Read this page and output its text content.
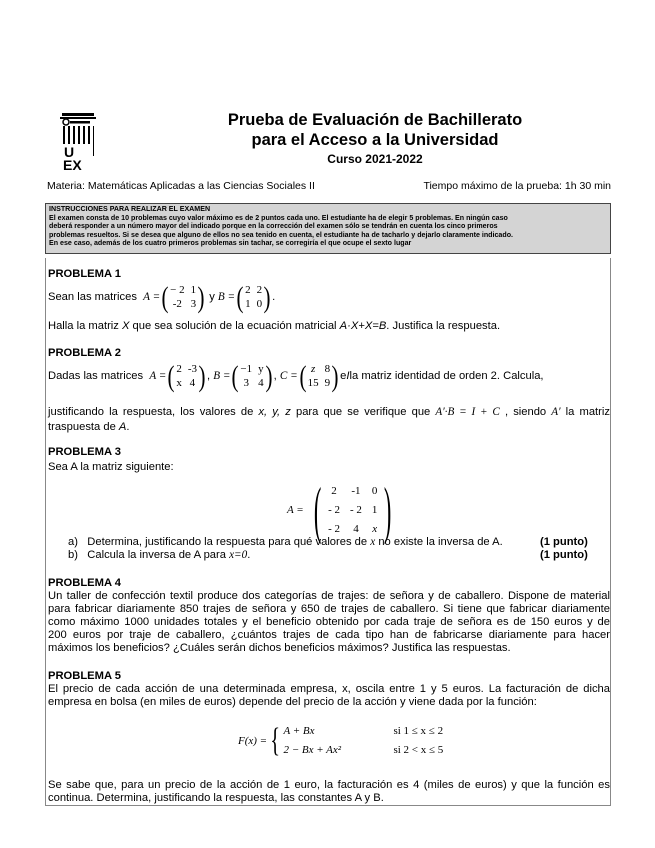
U
EX
Prueba de Evaluación de Bachillerato
para el Acceso a la Universidad
Curso 2021-2022
Materia: Matemáticas Aplicadas a las Ciencias Sociales II	Tiempo máximo de la prueba: 1h 30 min
INSTRUCCIONES PARA REALIZAR EL EXAMEN
El examen consta de 10 problemas cuyo valor máximo es de 2 puntos cada uno. El estudiante ha de elegir 5 problemas. En ningún caso
deberá responder a un número mayor del indicado porque en la corrección del examen sólo se tendrán en cuenta los cinco primeros
problemas resueltos. Si se desea que alguno de ellos no sea tenido en cuenta, el estudiante ha de tacharlo y dejarlo claramente indicado.
En ese caso, además de los cuatro primeros problemas sin tachar, se corregiría el que ocupe el sexto lugar
PROBLEMA 1
Sean las matrices
A = ( − 2 1
-2 3 )
y
B = ( 2 2
1 0 ) .
Halla la matriz X que sea solución de la ecuación matricial A·X+X=B. Justifica la respuesta.
PROBLEMA 2
Dadas las matrices
A = ( 2 -3
x 4 ) , B = ( −1 y
3 4 ) , C = ( z 8
15 9 ) e I la matriz identidad de orden 2. Calcula,
justificando la respuesta, los valores de x, y, z para que se verifique que A′·B = I + C , siendo A′ la matriz
traspuesta de A.
PROBLEMA 3
Sea A la matriz siguiente:
A =
( 2 -1 0
- 2 - 2 1
- 2 4 x )
a) Determina, justificando la respuesta para qué valores de x no existe la inversa de A.	(1 punto)
b) Calcula la inversa de A para x=0.	(1 punto)
PROBLEMA 4
Un taller de confección textil produce dos categorías de trajes: de señora y de caballero. Dispone de material
para fabricar diariamente 850 trajes de señora y 650 de trajes de caballero. Si tiene que fabricar diariamente
como máximo 1000 unidades totales y el beneficio obtenido por cada traje de señora es de 150 euros y de
200 euros por traje de caballero, ¿cuántos trajes de cada tipo han de fabricarse diariamente para hacer
máximos los beneficios? ¿Cuáles serán dichos beneficios máximos? Justifica las respuestas.
PROBLEMA 5
El precio de cada acción de una determinada empresa, x, oscila entre 1 y 5 euros. La facturación de dicha
empresa en bolsa (en miles de euros) depende del precio de la acción y viene dada por la función:
F(x) = { A + Bx	si 1 ≤ x ≤ 2
2 − Bx + Ax²	si 2 < x ≤ 5
Se sabe que, para un precio de la acción de 1 euro, la facturación es 4 (miles de euros) y que la función es
continua. Determina, justificando la respuesta, las constantes A y B.
